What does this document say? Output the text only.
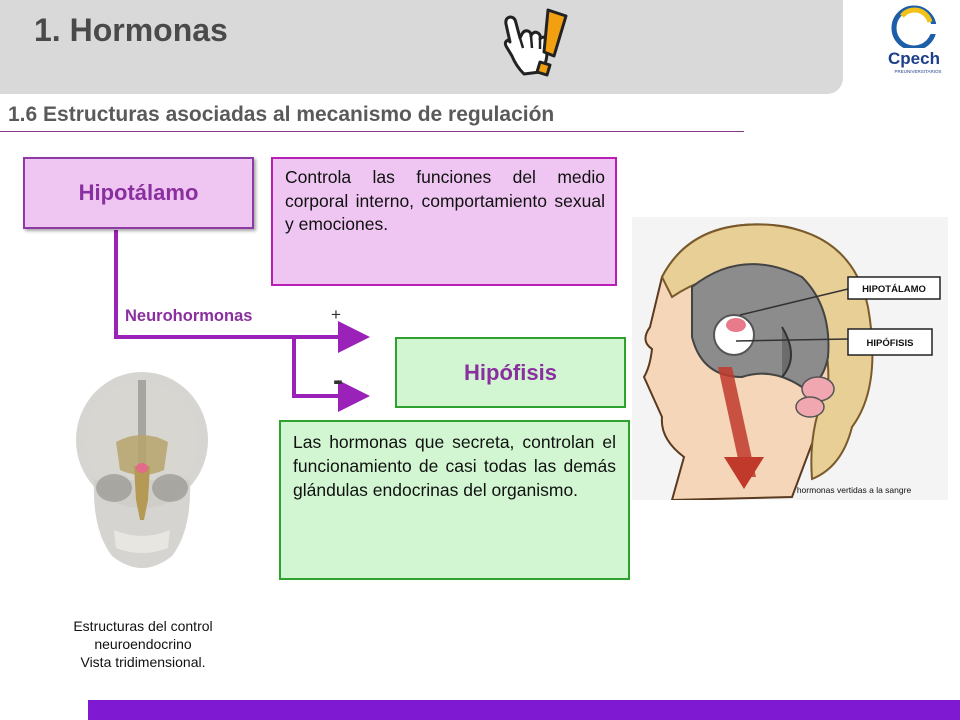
1. Hormonas
Cpech
PREUNIVERSITARIOS
1.6 Estructuras asociadas al mecanismo de regulación
Hipotálamo
Controla las funciones del medio corporal interno, comportamiento sexual y emociones.
Neurohormonas	+
-	Hipófisis
Las hormonas que secreta, controlan el funcionamiento de casi todas las demás glándulas endocrinas del organismo.
Estructuras del control
neuroendocrino
Vista tridimensional.
HIPOTÁLAMO
HIPÓFISIS
hormonas vertidas a la sangre
